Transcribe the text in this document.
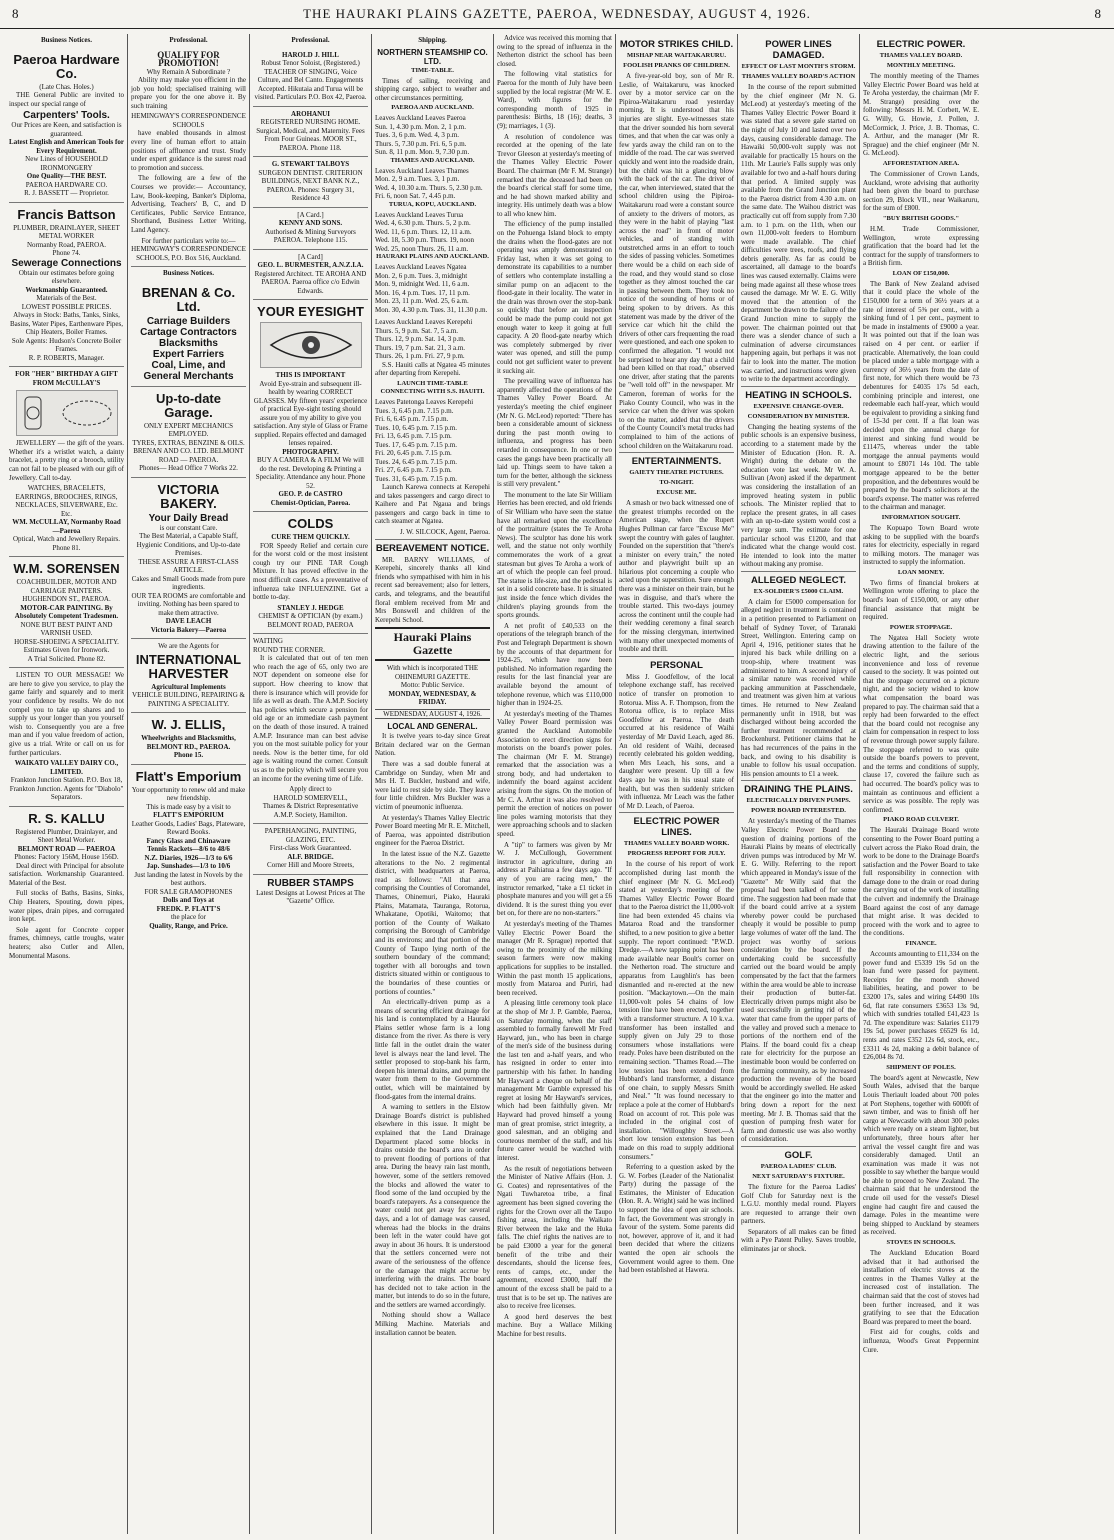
8	THE HAURAKI PLAINS GAZETTE, PAEROA, WEDNESDAY, AUGUST 4, 1926.	8
Business Notices.
Paeroa Hardware Co.
(Late Chas. Holes.)
THE General Public are invited to inspect our special range of
Carpenters' Tools.
Our Prices are Keen, and satisfaction is guaranteed.
Latest English and American Tools for Every Requirement.
New Lines of HOUSEHOLD IRONMONGERY
One Quality—THE BEST.
PAEROA HARDWARE CO.
R. J. BASSETT — Proprietor.
Francis Battson
PLUMBER, DRAINLAYER, SHEET METAL WORKER
Normanby Road, PAEROA.
Phone 74.
Sewerage Connections
Obtain our estimates before going elsewhere.
Workmanship Guaranteed.
Materials of the Best.
LOWEST POSSIBLE PRICES.
Always in Stock: Baths, Tanks, Sinks, Basins, Water Pipes, Earthenware Pipes, Chip Heaters, Boiler Frames.
Sole Agents: Hudson's Concrete Boiler Frames.
R. P. ROBERTS, Manager.
FOR "HER" BIRTHDAY A GIFT FROM McCULLAY'S
JEWELLERY — the gift of the years. Whether it's a wristlet watch, a dainty bracelet, a pretty ring or a brooch, utility can not fail to be pleased with our gift of Jewellery. Call to-day.
WATCHES, BRACELETS, EARRINGS, BROOCHES, RINGS, NECKLACES, SILVERWARE, Etc. Etc.
WM. McCULLAY, Normanby Road—Paeroa
Optical, Watch and Jewellery Repairs. Phone 81.
W.M. SORENSEN
COACHBUILDER, MOTOR AND CARRIAGE PAINTERS. HUGHENDON ST., PAEROA.
MOTOR-CAR PAINTING. By Absolutely Competent Tradesmen.
NONE BUT BEST PAINT AND VARNISH USED.
HORSE-SHOEING A SPECIALITY.
Estimates Given for Ironwork.
A Trial Solicited. Phone 82.
LISTEN TO OUR MESSAGE! We are here to give you service, to play the game fairly and squarely and to merit your confidence by results. We do not compel you to take up shares and to supply us your longer than you yourself wish to. Consequently you are a free man and if you value freedom of action, give us a trial. Write or call on us for further particulars.
WAIKATO VALLEY DAIRY CO., LIMITED.
Frankton Junction Station. P.O. Box 18, Frankton Junction. Agents for "Diabolo" Separators.
R. S. KALLU
Registered Plumber, Drainlayer, and Sheet Metal Worker.
BELMONT ROAD — PAEROA
Phones: Factory 156M, House 156D.
Deal direct with Principal for absolute satisfaction. Workmanship Guaranteed. Material of the Best.
Full stocks of Baths, Basins, Sinks, Chip Heaters, Spouting, down pipes, water pipes, drain pipes, and corrugated iron kept.
Sole agent for Concrete copper frames, chimneys, cattle troughs, water heaters; also Cutler and Allen, Monumental Masons.
Professional.
QUALIFY FOR PROMOTION!
Why Remain A Subordinate ?
Ability may make you efficient in the job you hold; specialised training will prepare you for the one above it. By such training
HEMINGWAY'S CORRESPONDENCE SCHOOLS
have enabled thousands in almost every line of human effort to attain positions of affluence and trust. Study under expert guidance is the surest road to promotion and success.
The following are a few of the Courses we provide:— Accountancy, Law, Book-keeping, Banker's Diploma, Advertising, Teachers' B, C, and D Certificates, Public Service Entrance, Shorthand, Business Letter Writing, Land Agency.
For further particulars write to:—
HEMINGWAY'S CORRESPONDENCE SCHOOLS, P.O. Box 516, Auckland.
Business Notices.
BRENAN & Co. Ltd.
Carriage Builders
Cartage Contractors
Blacksmiths
Expert Farriers
Coal, Lime, and
General Merchants
Up-to-date Garage.
ONLY EXPERT MECHANICS EMPLOYED.
TYRES, EXTRAS, BENZINE & OILS.
BRENAN AND CO. LTD. BELMONT ROAD — PAEROA.
Phones— Head Office 7 Works 22.
VICTORIA BAKERY.
Your Daily Bread
is our constant Care.
The Best Material, a Capable Staff, Hygienic Conditions, and Up-to-date Premises.
THESE ASSURE A FIRST-CLASS ARTICLE.
Cakes and Small Goods made from pure ingredients.
OUR TEA ROOMS are comfortable and inviting. Nothing has been spared to make them attractive.
DAVE LEACH
Victoria Bakery—Paeroa
We are the Agents for
INTERNATIONAL HARVESTER
Agricultural Implements
VEHICLE BUILDING, REPAIRING & PAINTING A SPECIALITY.
W. J. ELLIS,
Wheelwrights and Blacksmiths,
BELMONT RD., PAEROA.
Phone 15.
Flatt's Emporium
Your opportunity to renew old and make new friendship.
This is made easy by a visit to
FLATT'S EMPORIUM
Leather Goods, Ladies' Bags, Plateware, Reward Books.
Fancy Glass and Chinaware
Tennis Rackets—8/6 to 48/6
N.Z. Diaries, 1926—1/3 to 6/6
Jap. Sunshades—1/3 to 10/6
Just landing the latest in Novels by the best authors.
FOR SALE GRAMOPHONES
Dolls and Toys at
FREDK. P. FLATT'S
the place for
Quality, Range, and Price.
Professional.
HAROLD J. HILL
Robust Tenor Soloist, (Registered.) TEACHER OF SINGING, Voice Culture, and Bel Canto. Engagements Accepted. Hikutaia and Turua will be visited. Particulars P.O. Box 42, Paeroa.
AROHANUI
REGISTERED NURSING HOME. Surgical, Medical, and Maternity. Fees From Four Guineas. MOOR ST., PAEROA. Phone 118.
G. STEWART TALBOYS
SURGEON DENTIST. CRITERION BUILDINGS, NEXT BANK N.Z., PAEROA. Phones: Surgery 31, Residence 43
[A Card.]
KENNY AND SONS.
Authorised & Mining Surveyors PAEROA. Telephone 115.
[A Card]
GEO. L. BURMESTER, A.N.Z.I.A.
Registered Architect. TE AROHA AND PAEROA. Paeroa office c/o Edwin Edwards.
YOUR EYESIGHT
THIS IS IMPORTANT
Avoid Eye-strain and subsequent ill-health by wearing CORRECT GLASSES. My fifteen years' experience of practical Eye-sight testing should assure you of my ability to give you satisfaction. Any style of Glass or Frame supplied. Repairs effected and damaged lenses repaired.
PHOTOGRAPHY.
BUY A CAMERA & A FILM We will do the rest. Developing & Printing a Speciality. Attendance any hour. Phone 52.
GEO. P. de CASTRO
Chemist-Optician, Paeroa.
COLDS
CURE THEM QUICKLY.
FOR Speedy Relief and certain cure for the worst cold or the most insistent cough try our PINE TAR Cough Mixture. It has proved effective in the most difficult cases. As a preventative of influenza take INFLUENZINE. Get a bottle to-day.
STANLEY J. HEDGE
CHEMIST & OPTICIAN (by exam.)
BELMONT ROAD, PAEROA
WAITING
ROUND THE CORNER.
It is calculated that out of ten men who reach the age of 65, only two are NOT dependent on someone else for support. How cheering to know that there is insurance which will provide for life as well as death. The A.M.P. Society has policies which secure a pension for old age or an immediate cash payment on the death of those insured. A trained A.M.P. Insurance man can best advise you on the most suitable policy for your needs. Now is the better time, for old age is waiting round the corner. Consult us as to the policy which will secure you an income for the evening time of Life.
Apply direct to
HAROLD SOMERVELL,
Thames & District Representative A.M.P. Society, Hamilton.
PAPERHANGING, PAINTING, GLAZING, ETC.
First-class Work Guaranteed.
ALF. BRIDGE.
Corner Hill and Moore Streets,
RUBBER STAMPS
Latest Designs at Lowest Prices at The "Gazette" Office.
Shipping.
NORTHERN STEAMSHIP CO. LTD.
TIME-TABLE.
Times of sailing, receiving and shipping cargo, subject to weather and other circumstances permitting.
PAEROA AND AUCKLAND.
Leaves Auckland Leaves Paeroa
Sun. 1, 4.30 p.m. Mon. 2, 1 p.m.
Tues. 3, 6 p.m. Wed. 4, 3 p.m.
Thurs. 5, 7.30 p.m. Fri. 6, 5 p.m.
Sun. 8, 11 p.m. Mon. 9, 7.30 p.m.
THAMES AND AUCKLAND.
Leaves Auckland Leaves Thames
Mon. 2, 9 a.m. Tues. 3, 1 p.m.
Wed. 4, 10.30 a.m. Thurs. 5, 2.30 p.m.
Fri. 6, noon Sat. 7, 4.45 p.m.
TURUA, KOPU, AUCKLAND.
Leaves Auckland Leaves Turua
Wed. 4, 6.30 p.m. Thurs. 5, 2 p.m.
Wed. 11, 6 p.m. Thurs. 12, 11 a.m.
Wed. 18, 5.30 p.m. Thurs. 19, noon
Wed. 25, noon Thurs. 26, 11 a.m.
HAURAKI PLAINS AND AUCKLAND.
Leaves Auckland Leaves Ngatea
Mon. 2, 6 p.m. Tues. 3, midnight
Mon. 9, midnight Wed. 11, 6 a.m.
Mon. 16, 4 p.m. Tues. 17, 11 p.m.
Mon. 23, 11 p.m. Wed. 25, 6 a.m.
Mon. 30, 4.30 p.m. Tues. 31, 11.30 p.m.
Leaves Auckland Leaves Kerepehi
Thurs. 5, 9 p.m. Sat. 7, 5 a.m.
Thurs. 12, 9 p.m. Sat. 14, 3 p.m.
Thurs. 19, 7 p.m. Sat. 21, 3 a.m.
Thurs. 26, 1 p.m. Fri. 27, 9 p.m.
S.S. Hauiti calls at Ngatea 45 minutes after departing from Kerepehi.
LAUNCH TIME-TABLE CONNECTING WITH S.S. HAUITI.
Leaves Patetonga Leaves Kerepehi
Tues. 3, 6.45 p.m. 7.15 p.m.
Fri. 6, 6.45 p.m. 7.15 p.m.
Tues. 10, 6.45 p.m. 7.15 p.m.
Fri. 13, 6.45 p.m. 7.15 p.m.
Tues. 17, 6.45 p.m. 7.15 p.m.
Fri. 20, 6.45 p.m. 7.15 p.m.
Tues. 24, 6.45 p.m. 7.15 p.m.
Fri. 27, 6.45 p.m. 7.15 p.m.
Tues. 31, 6.45 p.m. 7.15 p.m.
Launch Karewa connects at Kerepehi and takes passengers and cargo direct to Kaihere and Pat Ngaua and brings passengers and cargo back in time to catch steamer at Ngatea.
J. W. SILCOCK, Agent, Paeroa.
BEREAVEMENT NOTICE.
MR. BARNY WILLIAMS, of Kerepehi, sincerely thanks all kind friends who sympathised with him in his recent sad bereavement; also for letters, cards, and telegrams, and the beautiful floral emblem received from Mr and Mrs Bonswell and children of the Kerepehi School.
Hauraki Plains Gazette
With which is incorporated THE OHINEMURI GAZETTE.
Motto: Public Service.
MONDAY, WEDNESDAY, & FRIDAY.
WEDNESDAY, AUGUST 4, 1926.
LOCAL AND GENERAL.
It is twelve years to-day since Great Britain declared war on the German Nation.
There was a sad double funeral at Cambridge on Sunday, when Mr and Mrs H. T. Buckler, husband and wife, were laid to rest side by side. They leave four little children. Mrs Buckler was a victim of pneumonic influenza.
At yesterday's Thames Valley Electric Power Board meeting Mr R. E. Mitchell, of Paeroa, was appointed distribution engineer for the Paeroa District.
In the latest issue of the N.Z. Gazette alterations to the No. 2 regimental district, with headquarters at Paeroa, read as follows: "All that area comprising the Counties of Coromandel, Thames, Ohinemuri, Piako, Hauraki Plains, Matamata, Tauranga, Rotorua, Whakatane, Opotiki, Waitomo; that portion of the County of Waikato comprising the Borough of Cambridge and its environs; and that portion of the County of Taupo lying north of the southern boundary of the command; together with all boroughs and town districts situated within or contiguous to the boundaries of these counties or portions of counties."
An electrically-driven pump as a means of securing efficient drainage for his land is contemplated by a Hauraki Plains settler whose farm is a long distance from the river. As there is very little fall in the outlet drain the water level is always near the land level. The settler proposed to stop-bank his farm, deepen his internal drains, and pump the water from them to the Government outlet, which will be maintained by flood-gates from the internal drains.
A warning to settlers in the Elstow Drainage Board's district is published elsewhere in this issue. It might be explained that the Land Drainage Department placed some blocks in drains outside the board's area in order to prevent flooding of portions of that area. During the heavy rain last month, however, some of the settlers removed the blocks and allowed the water to flood some of the land occupied by the board's ratepayers. As a consequence the water could not get away for several days, and a lot of damage was caused, whereas had the blocks in the drains been left in the water could have got away in about 36 hours. It is understood that the settlers concerned were not aware of the seriousness of the offence or the damage that might accrue by interfering with the drains. The board has decided not to take action in the matter, but intends to do so in the future, and the settlers are warned accordingly.
Nothing should show a Wallace Milking Machine. Materials and installation cannot be beaten.
Advice was received this morning that owing to the spread of influenza in the Netherton district the school has been closed.
The following vital statistics for Paeroa for the month of July have been supplied by the local registrar (Mr W. E. Ward), with figures for the corresponding month of 1925 in parenthesis: Births, 18 (16); deaths, 3 (9); marriages, 1 (3).
A resolution of condolence was recorded at the opening of the late Trevor Gleeson at yesterday's meeting of the Thames Valley Electric Power Board. The chairman (Mr F. M. Strange) remarked that the deceased had been on the board's clerical staff for some time, and he had shown marked ability and integrity. His untimely death was a blow to all who knew him.
The efficiency of the pump installed on the Pohuenga Island block to empty the drains when the flood-gates are not operating was amply demonstrated on Friday last, when it was set going to demonstrate its capabilities to a number of settlers who contemplate installing a similar pump on an adjacent to the flood-gate in their locality. The water in the drain was thrown over the stop-bank so quickly that before an inspection could be made the pump could not get enough water to keep it going at full capacity. A 20 flood-gate nearby which was completely submerged by river water was opened, and still the pump could not get sufficient water to prevent it sucking air.
The prevailing wave of influenza has apparently affected the operations of the Thames Valley Power Board. At yesterday's meeting the chief engineer (Mr N. G. McLeod) reported: "There has been a considerable amount of sickness during the past month owing to influenza, and progress has been retarded in consequence. In one or two cases the gangs have been practically all laid up. Things seem to have taken a turn for the better, although the sickness is still very prevalent."
The monument to the late Sir William Herries has been erected, and old friends of Sir William who have seen the statue have all remarked upon the excellence of the portraiture (states the Te Aroha News). The sculptor has done his work well, and the statue not only worthily commemorates the work of a great statesman but gives Te Aroha a work of art of which the people can feel proud. The statue is life-size, and the pedestal is set in a solid concrete base. It is situated just inside the fence which divides the children's playing grounds from the sports grounds.
A net profit of £40,533 on the operations of the telegraph branch of the Post and Telegraph Department is shown by the accounts of that department for 1924-25, which have now been published. No information regarding the results for the last financial year are available beyond the amount of telephone revenue, which was £110,000 higher than in 1924-25.
At yesterday's meeting of the Thames Valley Power Board permission was granted the Auckland Automobile Association to erect direction signs for motorists on the board's power poles. The chairman (Mr F. M. Strange) remarked that the association was a strong body, and had undertaken to indemnify the board against accident arising from the signs. On the motion of Mr C. A. Arthur it was also resolved to permit the erection of notices on power line poles warning motorists that they were approaching schools and to slacken speed.
A "tip" to farmers was given by Mr W. J. McCullough, Government instructor in agriculture, during an address at Paihiatua a few days ago. "If any of you are racing men," the instructor remarked, "take a £1 ticket in phosphate manures and you will get a £6 dividend. It is the surest thing you ever bet on, for there are no non-starters."
At yesterday's meeting of the Thames Valley Electric Power Board the manager (Mr R. Sprague) reported that owing to the proximity of the milking season farmers were now making applications for supplies to be installed. Within the past month 15 applications, mostly from Mataroa and Puriri, had been received.
A pleasing little ceremony took place at the shop of Mr J. P. Gamble, Paeroa, on Saturday morning, when the staff assembled to formally farewell Mr Fred Hayward, jun., who has been in charge of the men's side of the business during the last ten and a-half years, and who has resigned in order to enter into partnership with his father. In handing Mr Hayward a cheque on behalf of the management Mr Gamble expressed his regret at losing Mr Hayward's services, which had been faithfully given. Mr Hayward had proved himself a young man of great promise, strict integrity, a good salesman, and an obliging and courteous member of the staff, and his future career would be watched with interest.
As the result of negotiations between the Minister of Native Affairs (Hon. J. G. Coates) and representatives of the Ngati Tuwharetoa tribe, a final agreement has been signed covering the rights for the Crown over all the Taupo fishing areas, including the Waikato River between the lake and the Huka falls. The chief rights the natives are to be paid £3000 a year for the general benefit of the tribe and their descendants, should the license fees, rents of camps, etc., under the agreement, exceed £3000, half the amount of the excess shall be paid to a trust that is to be set up. The natives are also to receive free licenses.
A good herd deserves the best machine. Buy a Wallace Milking Machine for best results.
MOTOR STRIKES CHILD.
MISHAP NEAR WAITAKARURU.
FOOLISH PRANKS OF CHILDREN.
A five-year-old boy, son of Mr R. Leslie, of Waitakaruru, was knocked over by a motor service car on the Pipiroa-Waitakaruru road yesterday morning. It is understood that his injuries are slight. Eye-witnesses state that the driver sounded his horn several times, and that when the car was only a few yards away the child ran on to the middle of the road. The car was swerved quickly and went into the roadside drain, but the child was hit a glancing blow with the back of the car. The driver of the car, when interviewed, stated that the school children using the Pipiroa-Waitakaruru road were a constant source of anxiety to the drivers of motors, as they were in the habit of playing "last across the road" in front of motor vehicles, and of standing with outstretched arms in an effort to touch the sides of passing vehicles. Sometimes there would be a child on each side of the road, and they would stand so close together as they almost touched the car in passing between them. They took no notice of the sounding of horns or of being spoken to by drivers. As this statement was made by the driver of the service car which hit the child the drivers of other cars frequenting the road were questioned, and each one spoken to confirmed the allegation. "I would not be surprised to hear any day that a child had been killed on that road," observed one driver, after stating that the parents be "well told off" in the newspaper. Mr Cameron, foreman of works for the Piako County Council, who was in the service car when the driver was spoken to on the matter, added that the drivers of the County Council's metal trucks had complained to him of the actions of school children on the Waitakaruru road.
ENTERTAINMENTS.
GAIETY THEATRE PICTURES.
TO-NIGHT.
EXCUSE ME.
A smash or two back witnessed one of the greatest triumphs recorded on the American stage, when the Rupert Hughes Pullman car farce "Excuse Me" swept the country with gales of laughter. Founded on the superstition that "there's a minister on every train," the noted author and playwright built up an hilarious plot concerning a couple who acted upon the superstition. Sure enough there was a minister on their train, but he was in disguise, and that's where the trouble started. This two-days journey across the continent until the couple had their wedding ceremony a final search for the missing clergyman, intertwined with many other unexpected moments of trouble and thrill.
PERSONAL
Miss J. Goodfellow, of the local telephone exchange staff, has received notice of transfer on promotion to Rotorua. Miss A. F. Thompson, from the Rotorua office, is to replace Miss Goodfellow at Paeroa. The death occurred at his residence of Waihi yesterday of Mr David Leach, aged 86. An old resident of Waihi, deceased recently celebrated his golden wedding, when Mrs Leach, his sons, and a daughter were present. Up till a few days ago he was in his usual state of health, but was then suddenly stricken with influenza. Mr Leach was the father of Mr D. Leach, of Paeroa.
ELECTRIC POWER LINES.
THAMES VALLEY BOARD WORK.
PROGRESS REPORT FOR JULY.
In the course of his report of work accomplished during last month the chief engineer (Mr N. G. McLeod) stated at yesterday's meeting of the Thames Valley Electric Power Board that to the Paeroa district the 11,000-volt line had been extended 45 chains via Mataroa Road and the transformer shifted, to a new position to give a better supply. The report continued: "P.W.D. Dredge.—A new tapping point has been made available near Boult's corner on the Netherton road. The structure and apparatus from Laughlin's has been dismantled and re-erected at the new position. "Mackaytown.—On the main 11,000-volt poles 54 chains of low tension line have been erected, together with a transformer structure. A 10 k.v.a. transformer has been installed and supply given on July 29 to those consumers whose installations were ready. Poles have been distributed on the remaining section. "Thames Road.—The low tension has been extended from Hubbard's land transformer, a distance of one chain, to supply Messrs Smith and Neal." "It was found necessary to replace a pole at the corner of Hubbard's Road on account of rot. This pole was included in the original cost of installation. "Willoughby Street.—A short low tension extension has been made on this road to supply additional consumers."
Referring to a question asked by the G. W. Forbes (Leader of the Nationalist Party) during the passage of the Estimates, the Minister of Education (Hon. R. A. Wright) said he was inclined to support the idea of open air schools. In fact, the Government was strongly in favour of the system. Some parents did not, however, approve of it, and it had been decided that where the citizens wanted the open air schools the Government would agree to them. One had been established at Hawera.
POWER LINES DAMAGED.
EFFECT OF LAST MONTH'S STORM.
THAMES VALLEY BOARD'S ACTION
In the course of the report submitted by the chief engineer (Mr N. G. McLeod) at yesterday's meeting of the Thames Valley Electric Power Board it was stated that a severe gale started on the night of July 10 and lasted over two days, causing considerable damage. The Hawaiki 50,000-volt supply was not available for practically 15 hours on the 11th. Mr Laurie's Falls supply was only available for two and a-half hours during that period. A limited supply was available from the Grand Junction plant to the Paeroa district from 4.30 a.m. on the same date. The Waihou district was practically cut off from supply from 7.30 a.m. to 1 p.m. on the 11th, when our own 11,000-volt feeders to Hornburn were made available. The chief difficulties were trees, roofs, and flying debris generally. As far as could be ascertained, all damage to the board's lines was caused externally. Claims were being made against all these whose trees caused the damage. Mr W. E. G. Willy moved that the attention of the department be drawn to the failure of the Grand Junction mine to supply the power. The chairman pointed out that there was a slender chance of such a culmination of adverse circumstances happening again, but perhaps it was not fair to look into the matter. The motion was carried, and instructions were given to write to the department accordingly.
HEATING IN SCHOOLS.
EXPENSIVE CHANGE-OVER.
CONSIDERATION BY MINISTER.
Changing the heating systems of the public schools is an expensive business, according to a statement made by the Minister of Education (Hon. R. A. Wright) during the debate on the education vote last week. Mr W. A. Sullivan (Avon) asked if the department was considering the installation of an improved heating system in public schools. The Minister replied that to replace the present grates, in all cases with an up-to-date system would cost a very large sum. The estimate for one particular school was £1200, and that indicated what the change would cost. He intended to look into the matter without making any promise.
ALLEGED NEGLECT.
EX-SOLDIER'S £5000 CLAIM.
A claim for £5000 compensation for alleged neglect in treatment is contained in a petition presented to Parliament on behalf of Sydney Tover, of Taranaki Street, Wellington. Entering camp on April 4, 1916, petitioner states that he injured his back while drilling on a troop-ship, where treatment was administered to him. A second injury of a similar nature was received while packing ammunition at Passchendaele, and treatment was given him at various times. He returned to New Zealand permanently unfit in 1918, but was discharged without being accorded the further treatment recommended at Brockenhurst. Petitioner claims that he has had recurrences of the pains in the back, and owing to his disability is unable to follow his usual occupation. His pension amounts to £1 a week.
DRAINING THE PLAINS.
ELECTRICALLY DRIVEN PUMPS.
POWER BOARD INTERESTED.
At yesterday's meeting of the Thames Valley Electric Power Board the question of draining portions of the Hauraki Plains by means of electrically driven pumps was introduced by Mr W. E. G. Willy. Referring to the report which appeared in Monday's issue of the "Gazette" Mr Willy said that the proposal had been talked of for some time. The suggestion had been made that if the board could arrive at a system whereby power could be purchased cheaply it would be possible to pump large volumes of water off the land. The project was worthy of serious consideration by the board. If the undertaking could be successfully carried out the board would be amply compensated by the fact that the farmers within the area would be able to increase their production of butter-fat. Electrically driven pumps might also be used successfully in getting rid of the water that came from the upper parts of the valley and proved such a menace to portions of the northern end of the Plains. If the board could fix a cheap rate for electricity for the purpose an inestimable boon would be conferred on the farming community, as by increased production the revenue of the board would be accordingly swelled. He asked that the engineer go into the matter and bring down a report for the next meeting. Mr J. B. Thomas said that the question of pumping fresh water for farm and domestic use was also worthy of consideration.
GOLF.
PAEROA LADIES' CLUB.
NEXT SATURDAY'S FIXTURE.
The fixture for the Paeroa Ladies' Golf Club for Saturday next is the L.G.U. monthly medal round. Players are requested to arrange their own partners.
Separators of all makes can be fitted with a Pye Patent Pulley. Saves trouble, eliminates jar or shock.
ELECTRIC POWER.
THAMES VALLEY BOARD.
MONTHLY MEETING.
The monthly meeting of the Thames Valley Electric Power Board was held at Te Aroha yesterday, the chairman (Mr F. M. Strange) presiding over the following: Messrs H. M. Corbett, W. E. G. Willy, G. Howie, J. Pollen, J. McCormick, J. Price, J. B. Thomas, C. A. Arthur, and the manager (Mr R. Sprague) and the chief engineer (Mr N. G. McLeod).
AFFORESTATION AREA.
The Commissioner of Crown Lands, Auckland, wrote advising that authority had been given the board to purchase section 29, Block VII., near Waikaruru, for the sum of £800.
"BUY BRITISH GOODS."
H.M. Trade Commissioner, Wellington, wrote expressing gratification that the board had let the contract for the supply of transformers to a British firm.
LOAN OF £150,000.
The Bank of New Zealand advised that it could place the whole of the £150,000 for a term of 36½ years at a rate of interest of 5⅜ per cent., with a sinking fund of 1 per cent., payment to be made in instalments of £9000 a year. It was pointed out that if the loan was raised on 4 per cent. or earlier if practicable. Alternatively, the loan could be placed under a table mortgage with a currency of 36½ years from the date of first note, for which there would be 73 debentures for £4035 17s 5d each, combining principle and interest, one redeemable each half-year, which would be equivalent to providing a sinking fund of 15-3d per cent. If a flat loan was decided upon the annual charge for interest and sinking fund would be £11475, whereas under the table mortgage the annual payments would amount to £8071 14s 10d. The table mortgage appeared to be the better proposition, and the debentures would be prepared by the board's solicitors at the board's expense. The matter was referred to the chairman and manager.
INFORMATION SOUGHT.
The Kopuapo Town Board wrote asking to be supplied with the board's rates for electricity, especially in regard to milking motors. The manager was instructed to supply the information.
LOAN MONEY.
Two firms of financial brokers at Wellington wrote offering to place the board's loan of £150,000, or any other financial assistance that might be required.
POWER STOPPAGE.
The Ngatea Hall Society wrote drawing attention to the failure of the electric light, and the serious inconvenience and loss of revenue caused to the society. It was pointed out that the stoppage occurred on a picture night, and the society wished to know what compensation the board was prepared to pay. The chairman said that a reply had been forwarded to the effect that the board could not recognise any claim for compensation in respect to loss of revenue through power supply failure. The stoppage referred to was quite outside the board's powers to prevent, and the terms and conditions of supply, clause 17, covered the failure such as had occurred. The board's policy was to maintain as continuous and efficient a service as was possible. The reply was confirmed.
PIAKO ROAD CULVERT.
The Hauraki Drainage Board wrote consenting to the Power Board putting a culvert across the Piako Road drain, the work to be done to the Drainage Board's satisfaction and the Power Board to take full responsibility in connection with damage done to the drain or road during the carrying out of the work of installing the culvert and indemnify the Drainage Board against the cost of any damage that might arise. It was decided to proceed with the work and to agree to the conditions.
FINANCE.
Accounts amounting to £11,334 on the power fund and £5339 19s 5d on the loan fund were passed for payment. Receipts for the month showed liabilities, heating, and power to be £3200 17s, sales and wiring £4490 10s 6d, flat rate consumers £3653 13s 9d, which with sundries totalled £41,423 1s 7d. The expenditure was: Salaries £1179 19s 5d, power purchases £6529 6s 1d, rents and rates £352 12s 6d, stock, etc., £3311 4s 2d, making a debit balance of £26,004 8s 7d.
SHIPMENT OF POLES.
The board's agent at Newcastle, New South Wales, advised that the barque Louis Theriault loaded about 700 poles at Port Stephens, together with 6000ft of sawn timber, and was to finish off her cargo at Newcastle with about 300 poles which were ready on a steam lighter, but unfortunately, three hours after her arrival the vessel caught fire and was considerably damaged. Until an examination was made it was not possible to say whether the barque would be able to proceed to New Zealand. The chairman said that he understood the crude oil used for the vessel's Diesel engine had caught fire and caused the damage. Poles in the meantime were being shipped to Auckland by steamers as received.
STOVES IN SCHOOLS.
The Auckland Education Board advised that it had authorised the installation of electric stoves at the centres in the Thames Valley at the increased cost of installation. The chairman said that the cost of stoves had been further increased, and it was gratifying to see that the Education Board was prepared to meet the board.
First aid for coughs, colds and influenza, Wood's Great Peppermint Cure.
